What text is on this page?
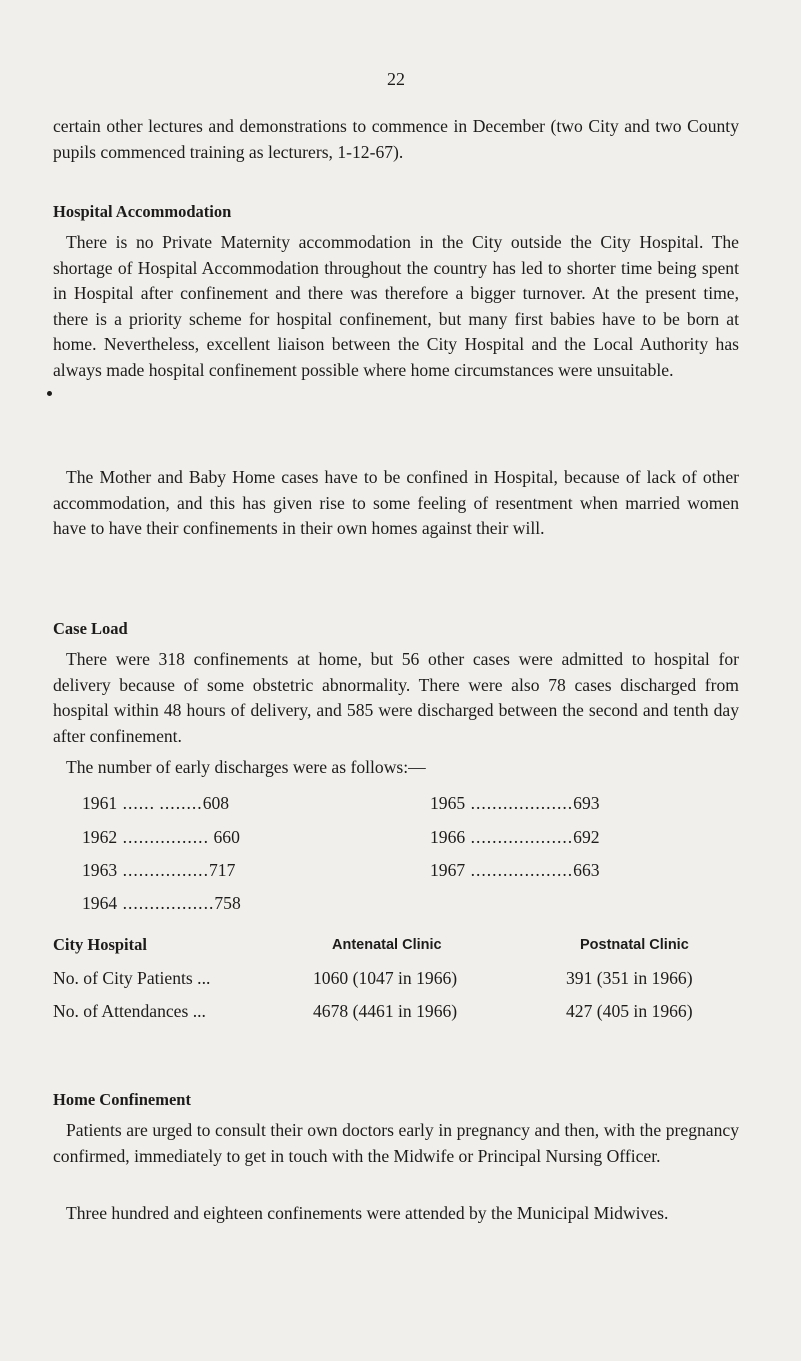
22

certain other lectures and demonstrations to commence in December (two City and two County pupils commenced training as lecturers, 1-12-67).

Hospital Accommodation

There is no Private Maternity accommodation in the City outside the City Hospital. The shortage of Hospital Accommodation throughout the country has led to shorter time being spent in Hospital after confinement and there was therefore a bigger turnover. At the present time, there is a priority scheme for hospital confinement, but many first babies have to be born at home. Nevertheless, excellent liaison between the City Hospital and the Local Authority has always made hospital confinement possible where home circumstances were unsuitable.

The Mother and Baby Home cases have to be confined in Hospital, because of lack of other accommodation, and this has given rise to some feeling of resentment when married women have to have their confinements in their own homes against their will.

Case Load

There were 318 confinements at home, but 56 other cases were admitted to hospital for delivery because of some obstetric abnormality. There were also 78 cases discharged from hospital within 48 hours of delivery, and 585 were discharged between the second and tenth day after confinement.

The number of early discharges were as follows:—

1961 ...... ........608
1962 ................ 660
1963 ................717
1964 .................758
1965 ...................693
1966 ...................692
1967 ...................663
City Hospital	Antenatal Clinic	Postnatal Clinic
No. of City Patients ...	1060 (1047 in 1966)	391 (351 in 1966)
No. of Attendances ...	4678 (4461 in 1966)	427 (405 in 1966)

Home Confinement

Patients are urged to consult their own doctors early in pregnancy and then, with the pregnancy confirmed, immediately to get in touch with the Midwife or Principal Nursing Officer.

Three hundred and eighteen confinements were attended by the Municipal Midwives.
